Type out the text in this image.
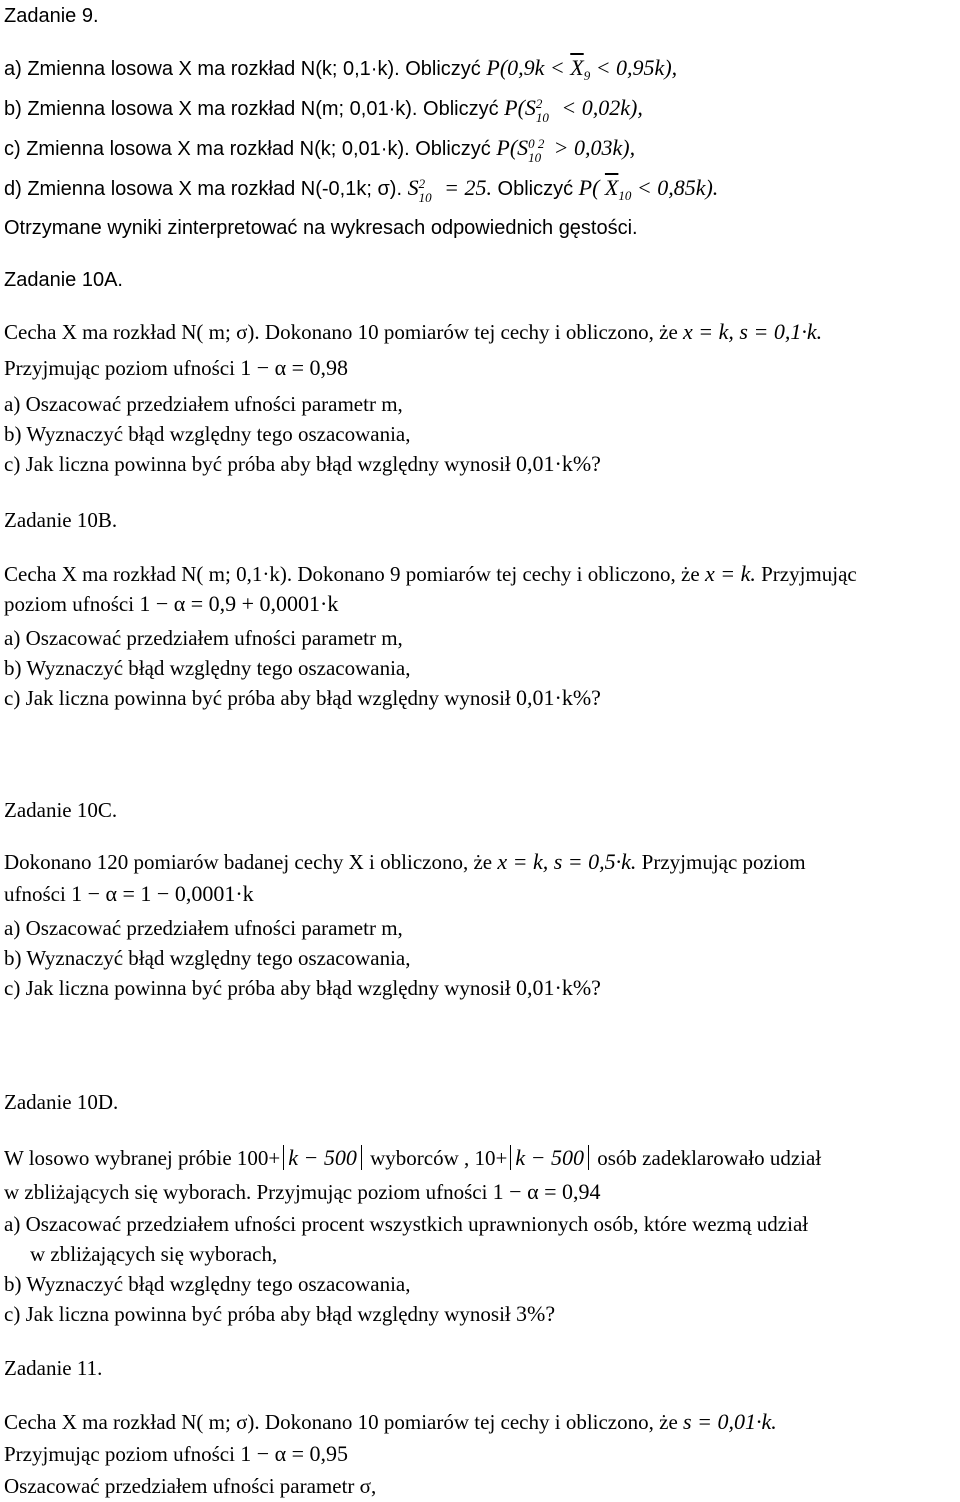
Zadanie 9.
a) Zmienna losowa X ma rozkład N(k; 0,1·k). Obliczyć $P(0,9k < \overline{X}_9 < 0,95k)$,
b) Zmienna losowa X ma rozkład N(m; 0,01·k). Obliczyć P(S 2
10 < 0,02k),
c) Zmienna losowa X ma rozkład N(k; 0,01·k). Obliczyć P(S 0 2
10 > 0,03k),
d) Zmienna losowa X ma rozkład N(-0,1k; σ). S 2
10 = 25. Obliczyć P( $\overline{X}_{10} < 0,85k$).
Otrzymane wyniki zinterpretować na wykresach odpowiednich gęstości.
Zadanie 10A.
Cecha X ma rozkład N( m; σ). Dokonano 10 pomiarów tej cechy i obliczono, że x = k, s = 0,1·k.
Przyjmując poziom ufności 1 − α = 0,98
a) Oszacować przedziałem ufności parametr m,
b) Wyznaczyć błąd względny tego oszacowania,
c) Jak liczna powinna być próba aby błąd względny wynosił 0,01·k%?
Zadanie 10B.
Cecha X ma rozkład N( m; 0,1·k). Dokonano 9 pomiarów tej cechy i obliczono, że x = k. Przyjmując
poziom ufności 1 − α = 0,9 + 0,0001·k
a) Oszacować przedziałem ufności parametr m,
b) Wyznaczyć błąd względny tego oszacowania,
c) Jak liczna powinna być próba aby błąd względny wynosił 0,01·k%?
Zadanie 10C.
Dokonano 120 pomiarów badanej cechy X i obliczono, że x = k, s = 0,5·k. Przyjmując poziom
ufności 1 − α = 1 − 0,0001·k
a) Oszacować przedziałem ufności parametr m,
b) Wyznaczyć błąd względny tego oszacowania,
c) Jak liczna powinna być próba aby błąd względny wynosił 0,01·k%?
Zadanie 10D.
W losowo wybranej próbie 100+ k − 500 wyborców , 10+ k − 500 osób zadeklarowało udział
w zbliżających się wyborach. Przyjmując poziom ufności 1 − α = 0,94
a) Oszacować przedziałem ufności procent wszystkich uprawnionych osób, które wezmą udział
w zbliżających się wyborach,
b) Wyznaczyć błąd względny tego oszacowania,
c) Jak liczna powinna być próba aby błąd względny wynosił 3%?
Zadanie 11.
Cecha X ma rozkład N( m; σ). Dokonano 10 pomiarów tej cechy i obliczono, że s = 0,01·k.
Przyjmując poziom ufności 1 − α = 0,95
Oszacować przedziałem ufności parametr σ,
